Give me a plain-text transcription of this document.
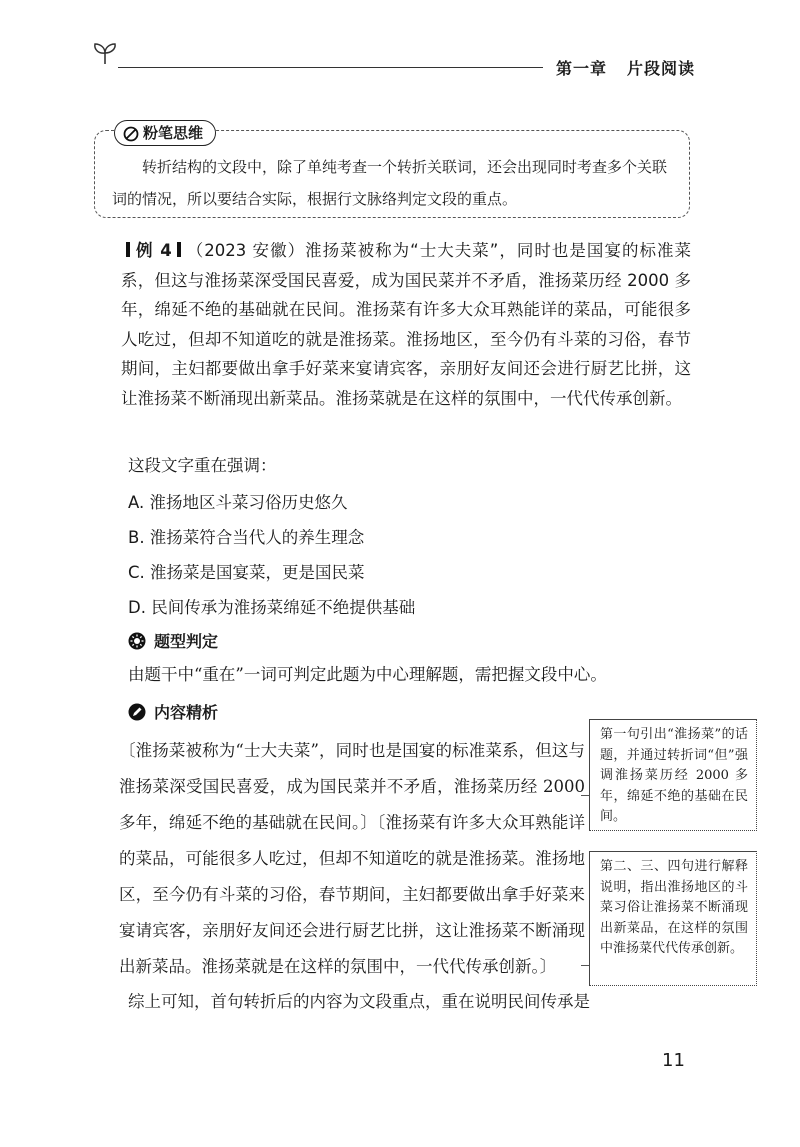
第一章 片段阅读
粉笔思维
转折结构的文段中，除了单纯考查一个转折关联词，还会出现同时考查多个关联词的情况，所以要结合实际，根据行文脉络判定文段的重点。
例 4 （2023 安徽）淮扬菜被称为“士大夫菜”，同时也是国宴的标准菜系，但这与淮扬菜深受国民喜爱，成为国民菜并不矛盾，淮扬菜历经 2000 多年，绵延不绝的基础就在民间。淮扬菜有许多大众耳熟能详的菜品，可能很多人吃过，但却不知道吃的就是淮扬菜。淮扬地区，至今仍有斗菜的习俗，春节期间，主妇都要做出拿手好菜来宴请宾客，亲朋好友间还会进行厨艺比拼，这让淮扬菜不断涌现出新菜品。淮扬菜就是在这样的氛围中，一代代传承创新。
这段文字重在强调：
A. 淮扬地区斗菜习俗历史悠久
B. 淮扬菜符合当代人的养生理念
C. 淮扬菜是国宴菜，更是国民菜
D. 民间传承为淮扬菜绵延不绝提供基础
题型判定
由题干中“重在”一词可判定此题为中心理解题，需把握文段中心。
内容精析
〔淮扬菜被称为“士大夫菜”，同时也是国宴的标准菜系，但这与淮扬菜深受国民喜爱，成为国民菜并不矛盾，淮扬菜历经 2000 多年，绵延不绝的基础就在民间。〕〔淮扬菜有许多大众耳熟能详的菜品，可能很多人吃过，但却不知道吃的就是淮扬菜。淮扬地区，至今仍有斗菜的习俗，春节期间，主妇都要做出拿手好菜来宴请宾客，亲朋好友间还会进行厨艺比拼，这让淮扬菜不断涌现出新菜品。淮扬菜就是在这样的氛围中，一代代传承创新。〕
第一句引出“淮扬菜”的话题，并通过转折词“但”强调淮扬菜历经 2000 多年，绵延不绝的基础在民间。
第二、三、四句进行解释说明，指出淮扬地区的斗菜习俗让淮扬菜不断涌现出新菜品，在这样的氛围中淮扬菜代代传承创新。
综上可知，首句转折后的内容为文段重点，重在说明民间传承是
11
